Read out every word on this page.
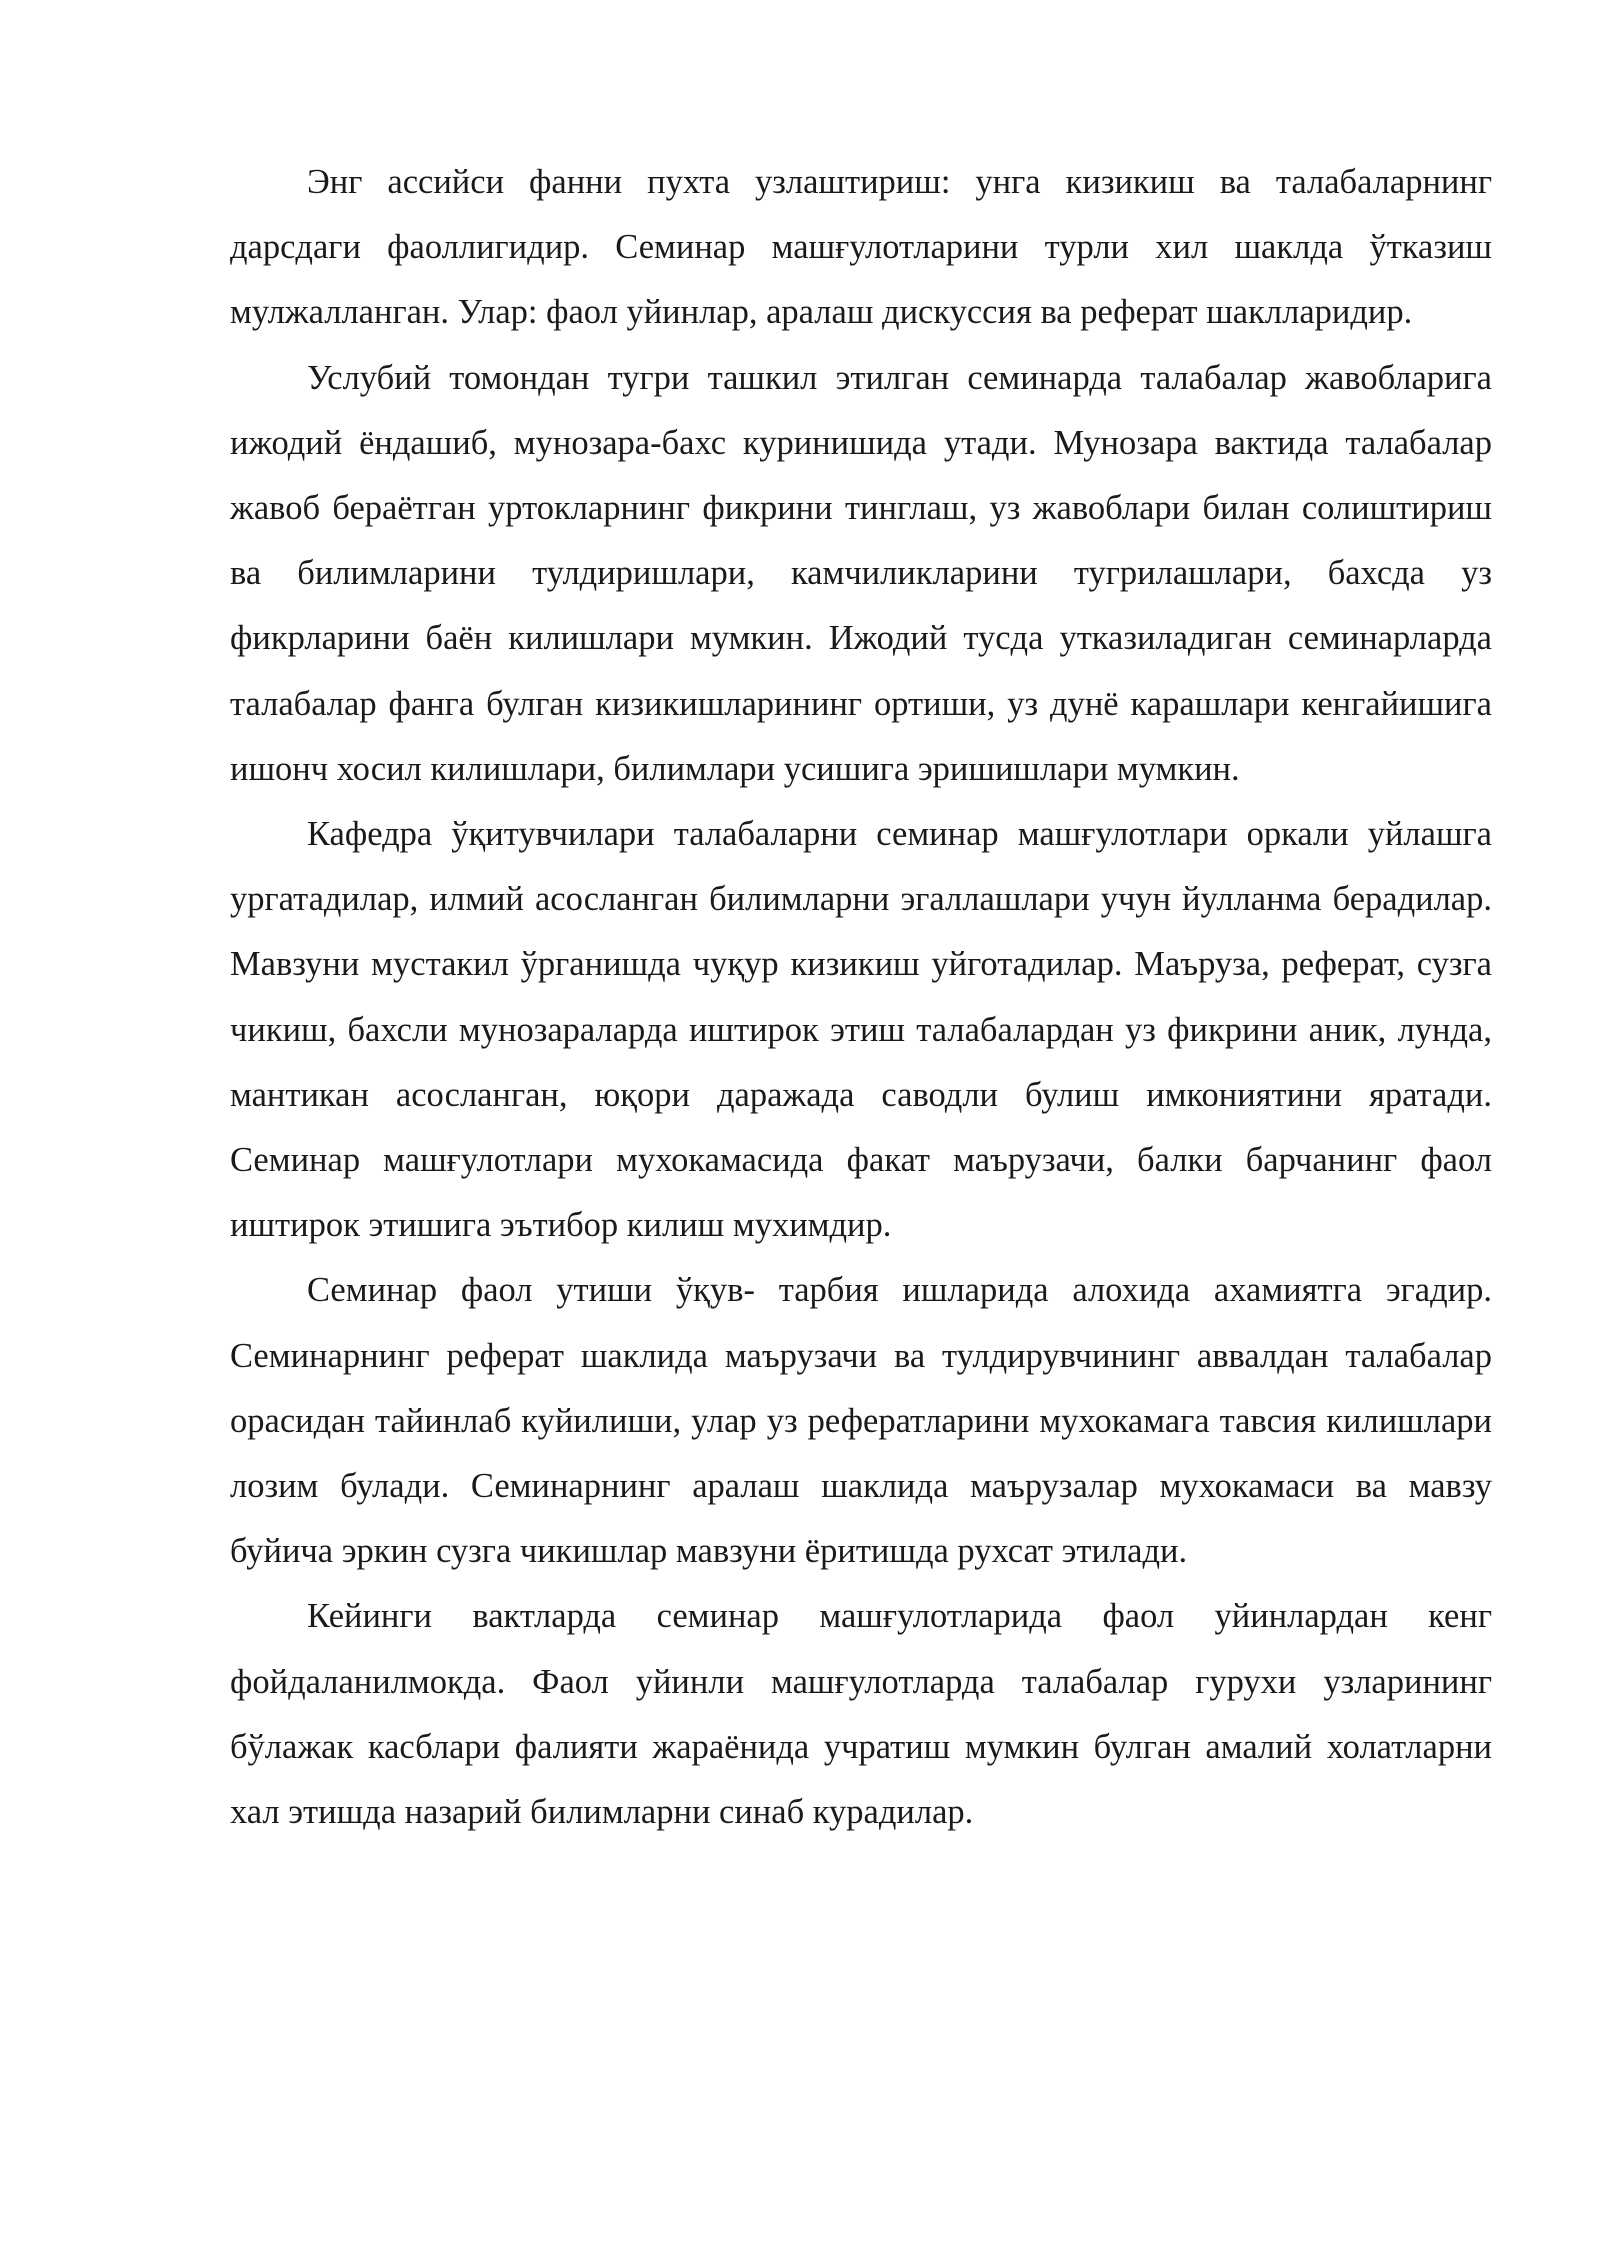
Энг ассийси фанни пухта узлаштириш: унга кизикиш ва талабаларнинг дарсдаги фаоллигидир. Семинар машғулотларини турли хил шаклда ўтказиш мулжалланган. Улар: фаол уйинлар, аралаш дискуссия ва реферат шаклларидир.

Услубий томондан тугри ташкил этилган семинарда талабалар жавобларига ижодий ёндашиб, мунозара-бахс куринишида утади. Мунозара вактида талабалар жавоб бераётган уртокларнинг фикрини тинглаш, уз жавоблари билан солиштириш ва билимларини тулдиришлари, камчиликларини тугрилашлари, бахсда уз фикрларини баён килишлари мумкин. Ижодий тусда утказиладиган семинарларда талабалар фанга булган кизикишларининг ортиши, уз дунё карашлари кенгайишига ишонч хосил килишлари, билимлари усишига эришишлари мумкин.

Кафедра ўқитувчилари талабаларни семинар машғулотлари оркали уйлашга ургатадилар, илмий асосланган билимларни эгаллашлари учун йулланма берадилар. Мавзуни мустакил ўрганишда чуқур кизикиш уйготадилар. Маъруза, реферат, сузга чикиш, бахсли мунозараларда иштирок этиш талабалардан уз фикрини аник, лунда, мантикан асосланган, юқори даражада саводли булиш имкониятини яратади. Семинар машғулотлари мухокамасида факат маърузачи, балки барчанинг фаол иштирок этишига эътибор килиш мухимдир.

Семинар фаол утиши ўқув- тарбия ишларида алохида ахамиятга эгадир. Семинарнинг реферат шаклида маърузачи ва тулдирувчининг аввалдан талабалар орасидан тайинлаб куйилиши, улар уз рефератларини мухокамага тавсия килишлари лозим булади. Семинарнинг аралаш шаклида маърузалар мухокамаси ва мавзу буйича эркин сузга чикишлар мавзуни ёритишда рухсат этилади.

Кейинги вактларда семинар машғулотларида фаол уйинлардан кенг фойдаланилмокда. Фаол уйинли машғулотларда талабалар гурухи узларининг бўлажак касблари фалияти жараёнида учратиш мумкин булган амалий холатларни хал этишда назарий билимларни синаб курадилар.
